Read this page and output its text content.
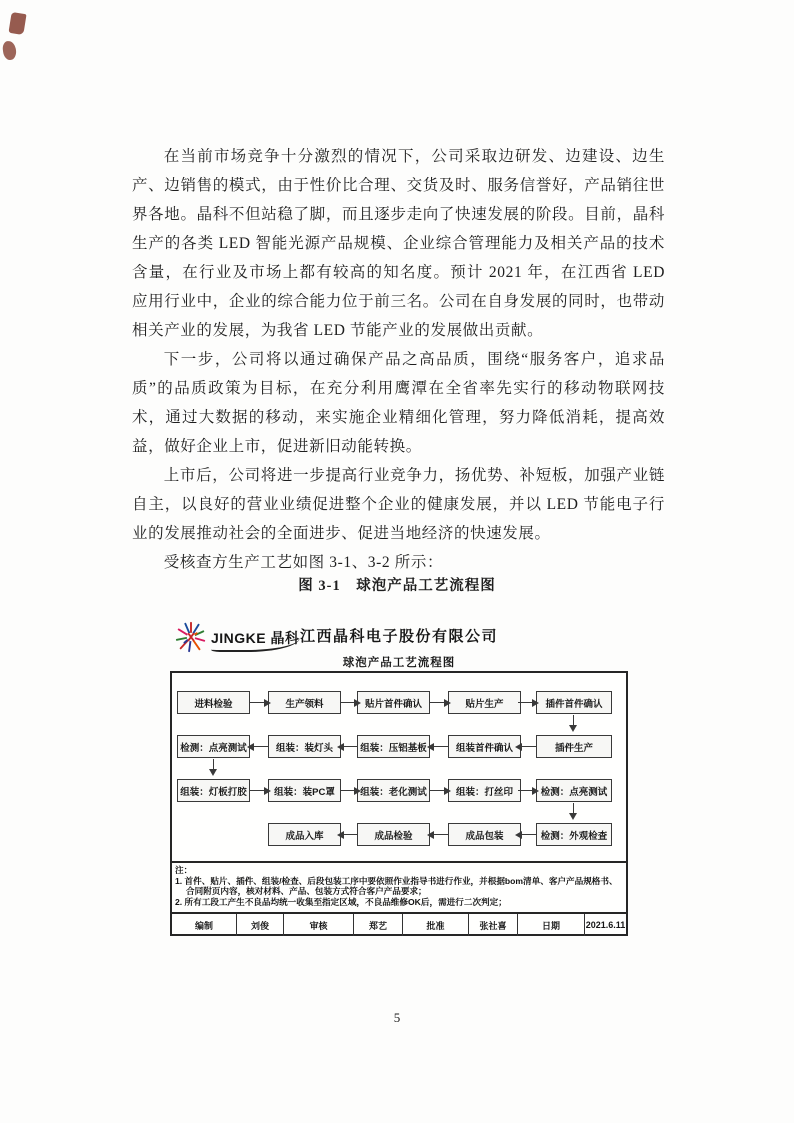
在当前市场竞争十分激烈的情况下，公司采取边研发、边建设、边生产、边销售的模式，由于性价比合理、交货及时、服务信誉好，产品销往世界各地。晶科不但站稳了脚，而且逐步走向了快速发展的阶段。目前，晶科生产的各类 LED 智能光源产品规模、企业综合管理能力及相关产品的技术含量，在行业及市场上都有较高的知名度。预计 2021 年，在江西省 LED 应用行业中，企业的综合能力位于前三名。公司在自身发展的同时，也带动相关产业的发展，为我省 LED 节能产业的发展做出贡献。

下一步，公司将以通过确保产品之高品质，围绕“服务客户，追求品质”的品质政策为目标，在充分利用鹰潭在全省率先实行的移动物联网技术，通过大数据的移动，来实施企业精细化管理，努力降低消耗，提高效益，做好企业上市，促进新旧动能转换。

上市后，公司将进一步提高行业竞争力，扬优势、补短板，加强产业链自主，以良好的营业业绩促进整个企业的健康发展，并以 LED 节能电子行业的发展推动社会的全面进步、促进当地经济的快速发展。

受核查方生产工艺如图 3-1、3-2 所示：

图 3-1　球泡产品工艺流程图
JINGKE 晶科 江西晶科电子股份有限公司
球泡产品工艺流程图
进料检验	生产领料	贴片首件确认	贴片生产	插件首件确认
检测：点亮测试	组装：装灯头	组装：压铝基板	组装首件确认	插件生产
组装：灯板打胶	组装：装PC罩	组装：老化测试	组装：打丝印	检测：点亮测试
成品入库	成品检验	成品包装	检测：外观检查
注：
1. 首件、贴片、插件、组装/检查、后段包装工序中要依照作业指导书进行作业，并根据bom清单、客户产品规格书、合同附页内容，核对材料、产品、包装方式符合客户产品要求；
2. 所有工段工产生不良品均统一收集至指定区域，不良品维修OK后，需进行二次判定；
编制	刘俊	审核	郑艺	批准	张社喜	日期	2021.6.11
5
